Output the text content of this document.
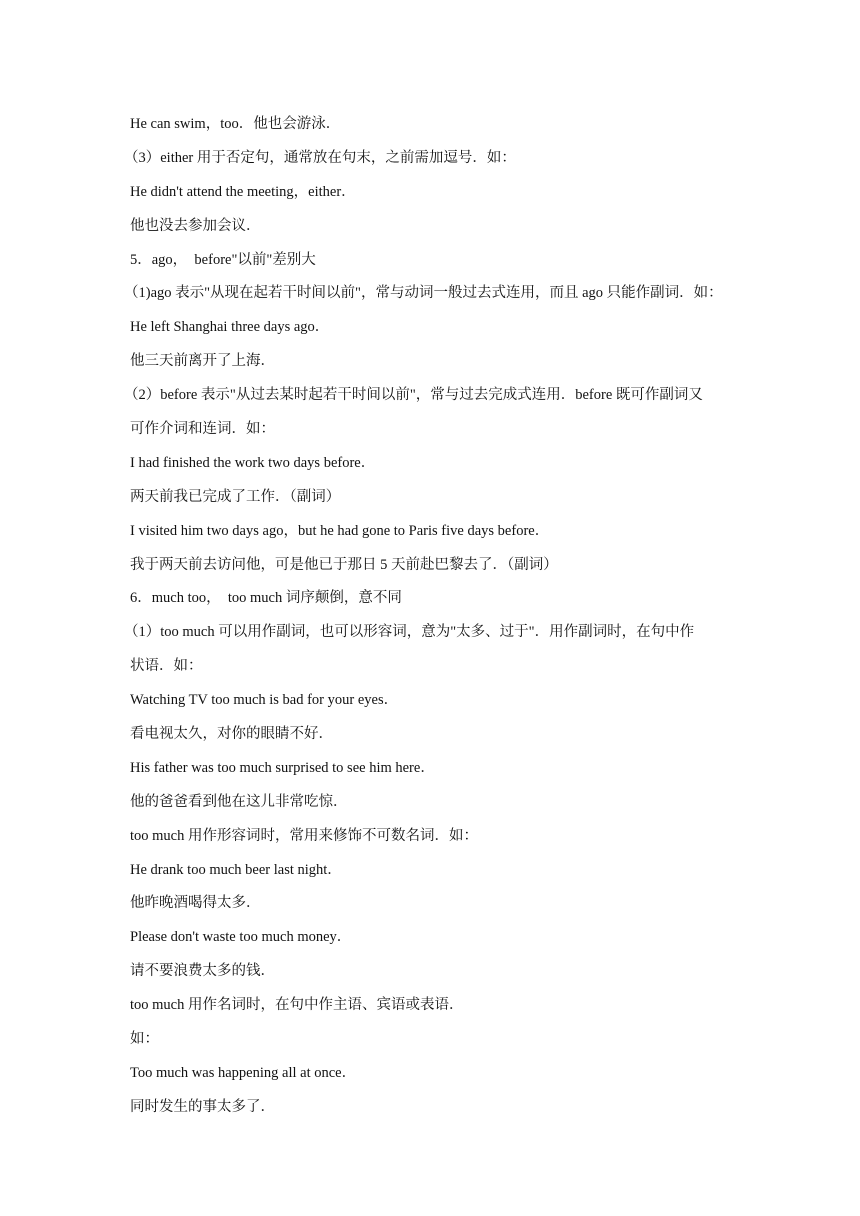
He can swim，too．他也会游泳．
（3）either 用于否定句，通常放在句末，之前需加逗号．如：
He didn't attend the meeting，either．
他也没去参加会议．
5．ago，　before"以前"差别大
（1)ago 表示"从现在起若干时间以前"，常与动词一般过去式连用，而且 ago 只能作副词．如：
He left Shanghai three days ago．
他三天前离开了上海．
（2）before 表示"从过去某时起若干时间以前"，常与过去完成式连用．before 既可作副词又
可作介词和连词．如：
I had finished the work two days before．
两天前我已完成了工作．（副词）
I visited him two days ago，but he had gone to Paris five days before．
我于两天前去访问他，可是他已于那日 5 天前赴巴黎去了．（副词）
6．much too，　too much 词序颠倒，意不同
（1）too much 可以用作副词，也可以形容词，意为"太多、过于"．用作副词时，在句中作
状语．如：
Watching TV too much is bad for your eyes．
看电视太久，对你的眼睛不好．
His father was too much surprised to see him here．
他的爸爸看到他在这儿非常吃惊．
too much 用作形容词时，常用来修饰不可数名词．如：
He drank too much beer last night．
他昨晚酒喝得太多．
Please don't waste too much money．
请不要浪费太多的钱．
too much 用作名词时，在句中作主语、宾语或表语．
如：
Too much was happening all at once．
同时发生的事太多了．
